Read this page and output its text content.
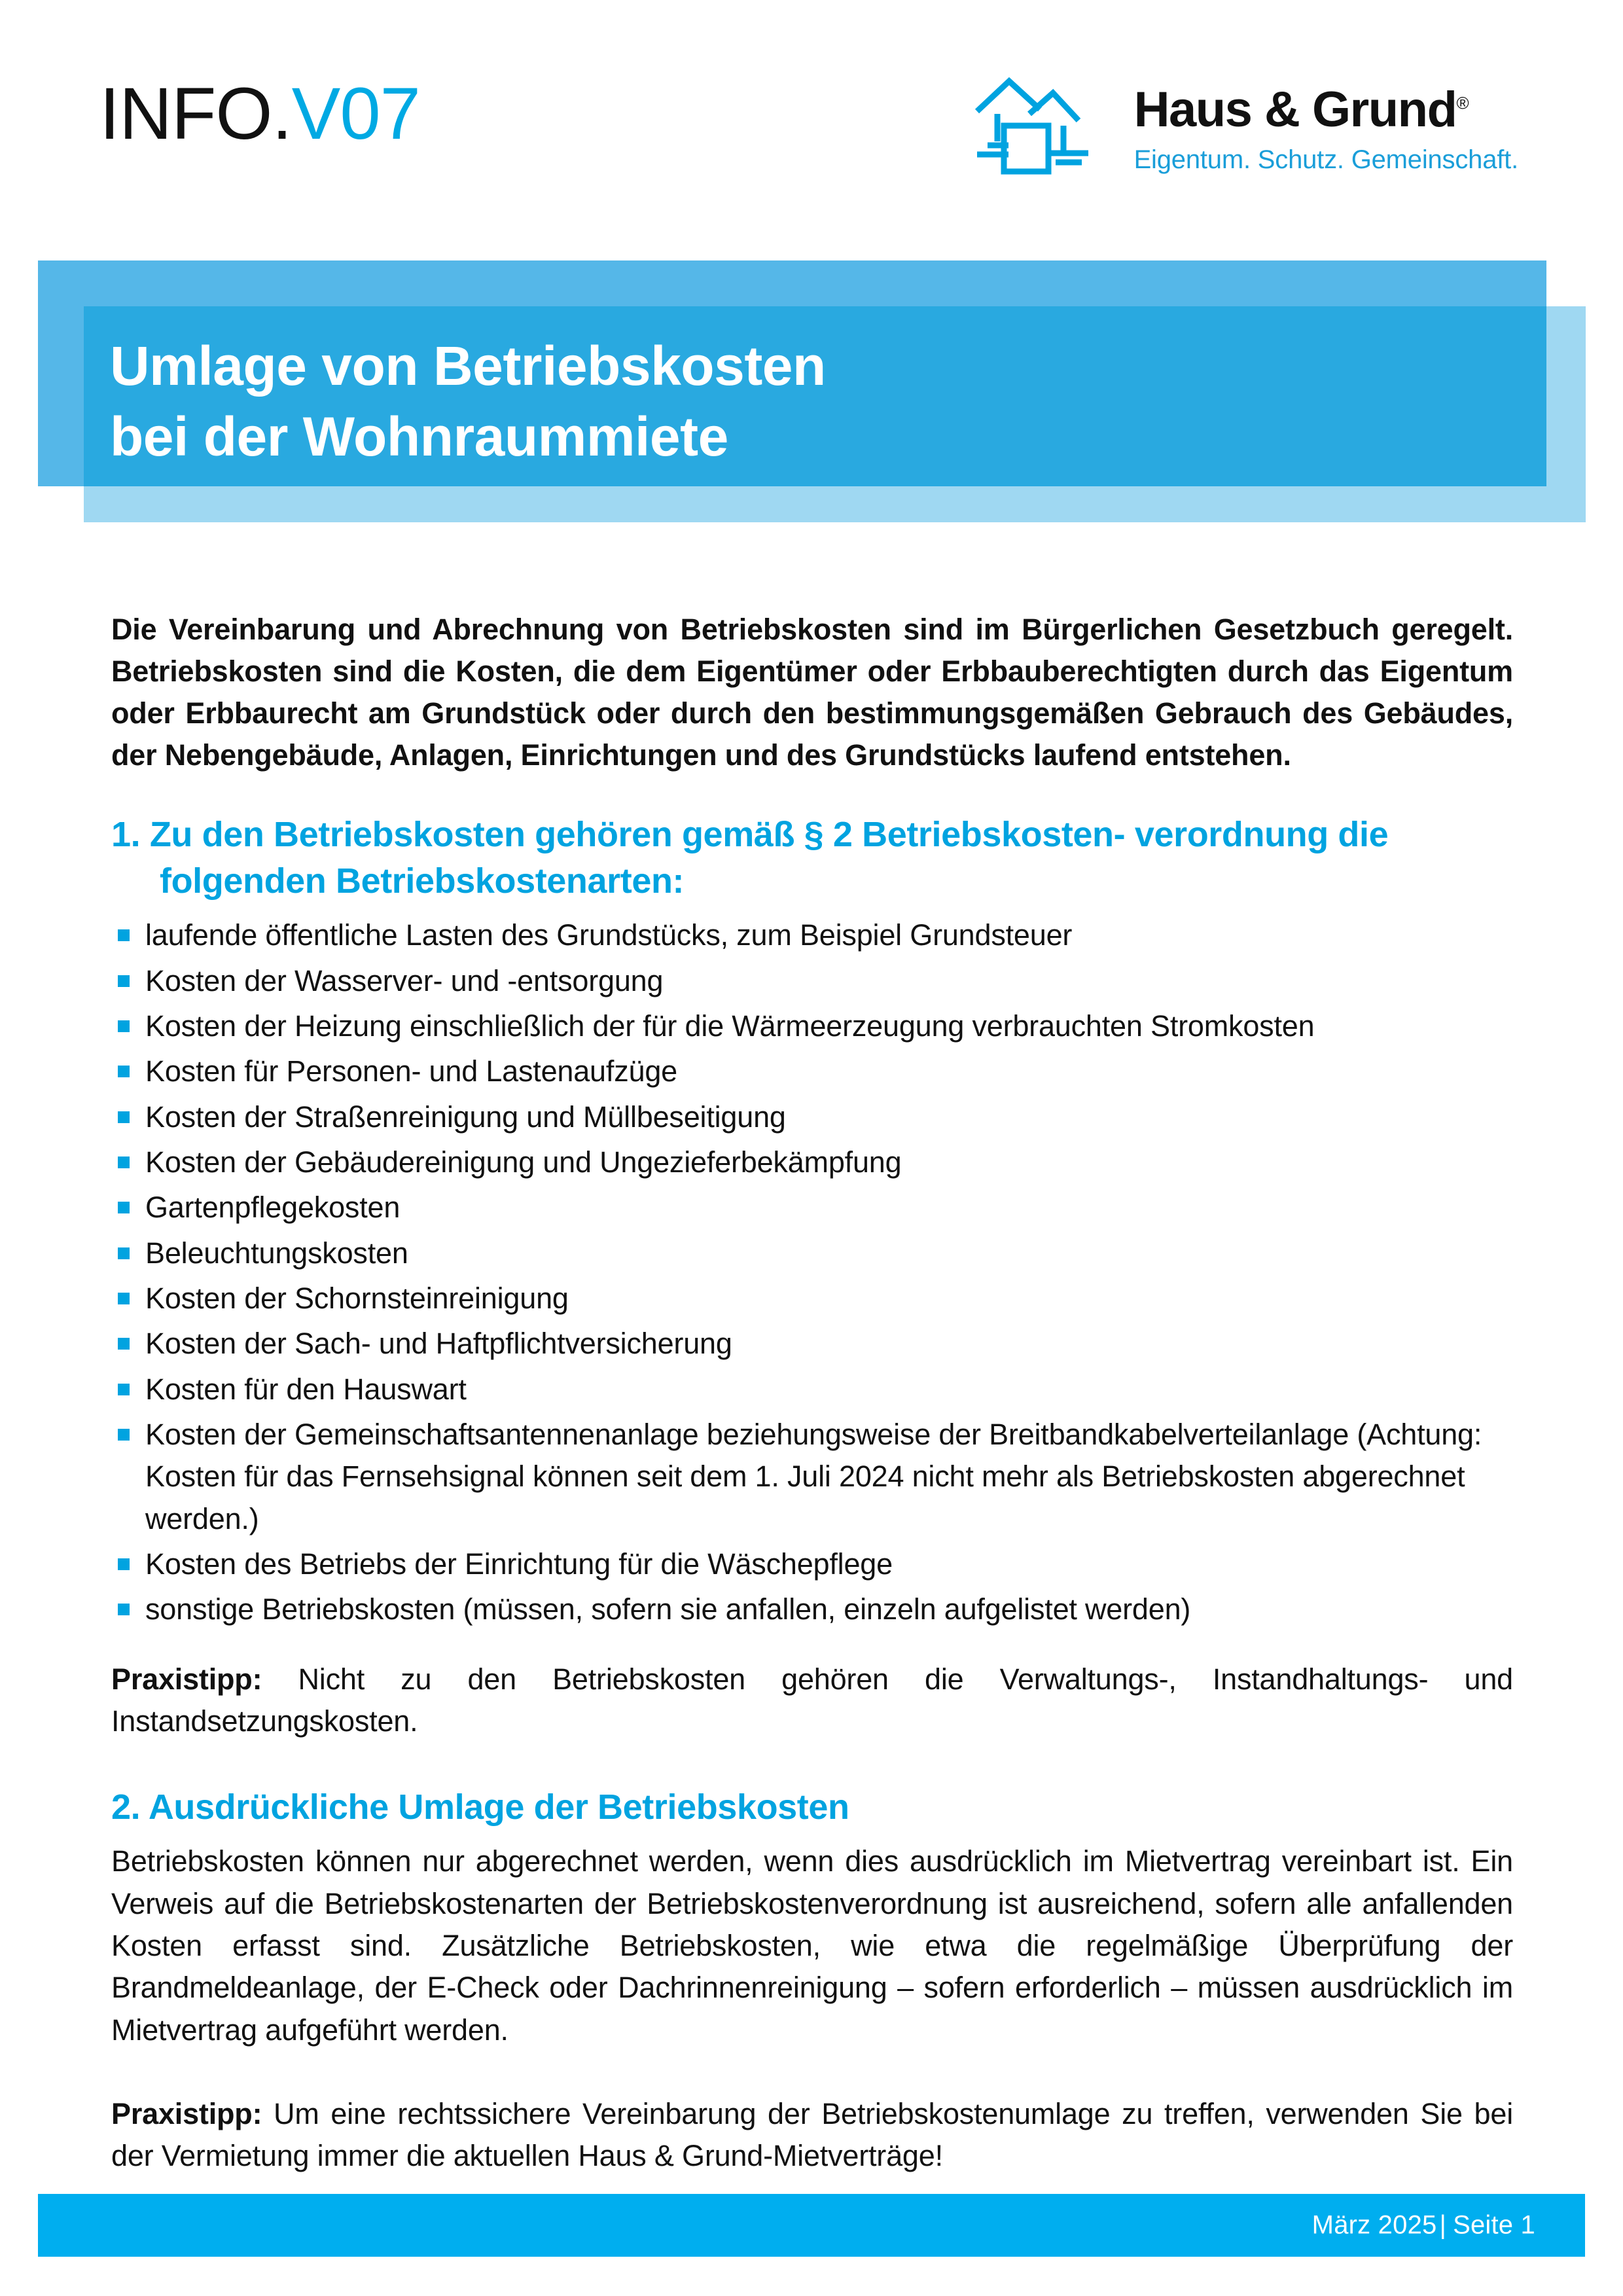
INFO.V07	Haus & Grund®
Eigentum. Schutz. Gemeinschaft.
Umlage von Betriebskosten
bei der Wohnraummiete

Die Vereinbarung und Abrechnung von Betriebskosten sind im Bürgerlichen Gesetzbuch geregelt. Betriebskosten sind die Kosten, die dem Eigentümer oder Erbbauberechtigten durch das Eigentum oder Erbbaurecht am Grundstück oder durch den bestimmungsgemäßen Gebrauch des Gebäudes, der Nebengebäude, Anlagen, Einrichtungen und des Grundstücks laufend entstehen.

1. Zu den Betriebskosten gehören gemäß § 2 Betriebskosten- verordnung die folgenden Betriebskostenarten:
laufende öffentliche Lasten des Grundstücks, zum Beispiel Grundsteuer
Kosten der Wasserver- und -entsorgung
Kosten der Heizung einschließlich der für die Wärmeerzeugung verbrauchten Stromkosten
Kosten für Personen- und Lastenaufzüge
Kosten der Straßenreinigung und Müllbeseitigung
Kosten der Gebäudereinigung und Ungezieferbekämpfung
Gartenpflegekosten
Beleuchtungskosten
Kosten der Schornsteinreinigung
Kosten der Sach- und Haftpflichtversicherung
Kosten für den Hauswart
Kosten der Gemeinschaftsantennenanlage beziehungsweise der Breitbandkabelverteilanlage (Achtung: Kosten für das Fernsehsignal können seit dem 1. Juli 2024 nicht mehr als Betriebskosten abgerechnet werden.)
Kosten des Betriebs der Einrichtung für die Wäschepflege
sonstige Betriebskosten (müssen, sofern sie anfallen, einzeln aufgelistet werden)

Praxistipp: Nicht zu den Betriebskosten gehören die Verwaltungs-, Instandhaltungs- und Instandsetzungskosten.

2. Ausdrückliche Umlage der Betriebskosten

Betriebskosten können nur abgerechnet werden, wenn dies ausdrücklich im Mietvertrag vereinbart ist. Ein Verweis auf die Betriebskostenarten der Betriebskostenverordnung ist ausreichend, sofern alle anfallenden Kosten erfasst sind. Zusätzliche Betriebskosten, wie etwa die regelmäßige Überprüfung der Brandmeldeanlage, der E-Check oder Dachrinnenreinigung – sofern erforderlich – müssen ausdrücklich im Mietvertrag aufgeführt werden.

Praxistipp: Um eine rechtssichere Vereinbarung der Betriebskostenumlage zu treffen, verwenden Sie bei der Vermietung immer die aktuellen Haus & Grund-Mietverträge!

März 2025 | Seite 1
